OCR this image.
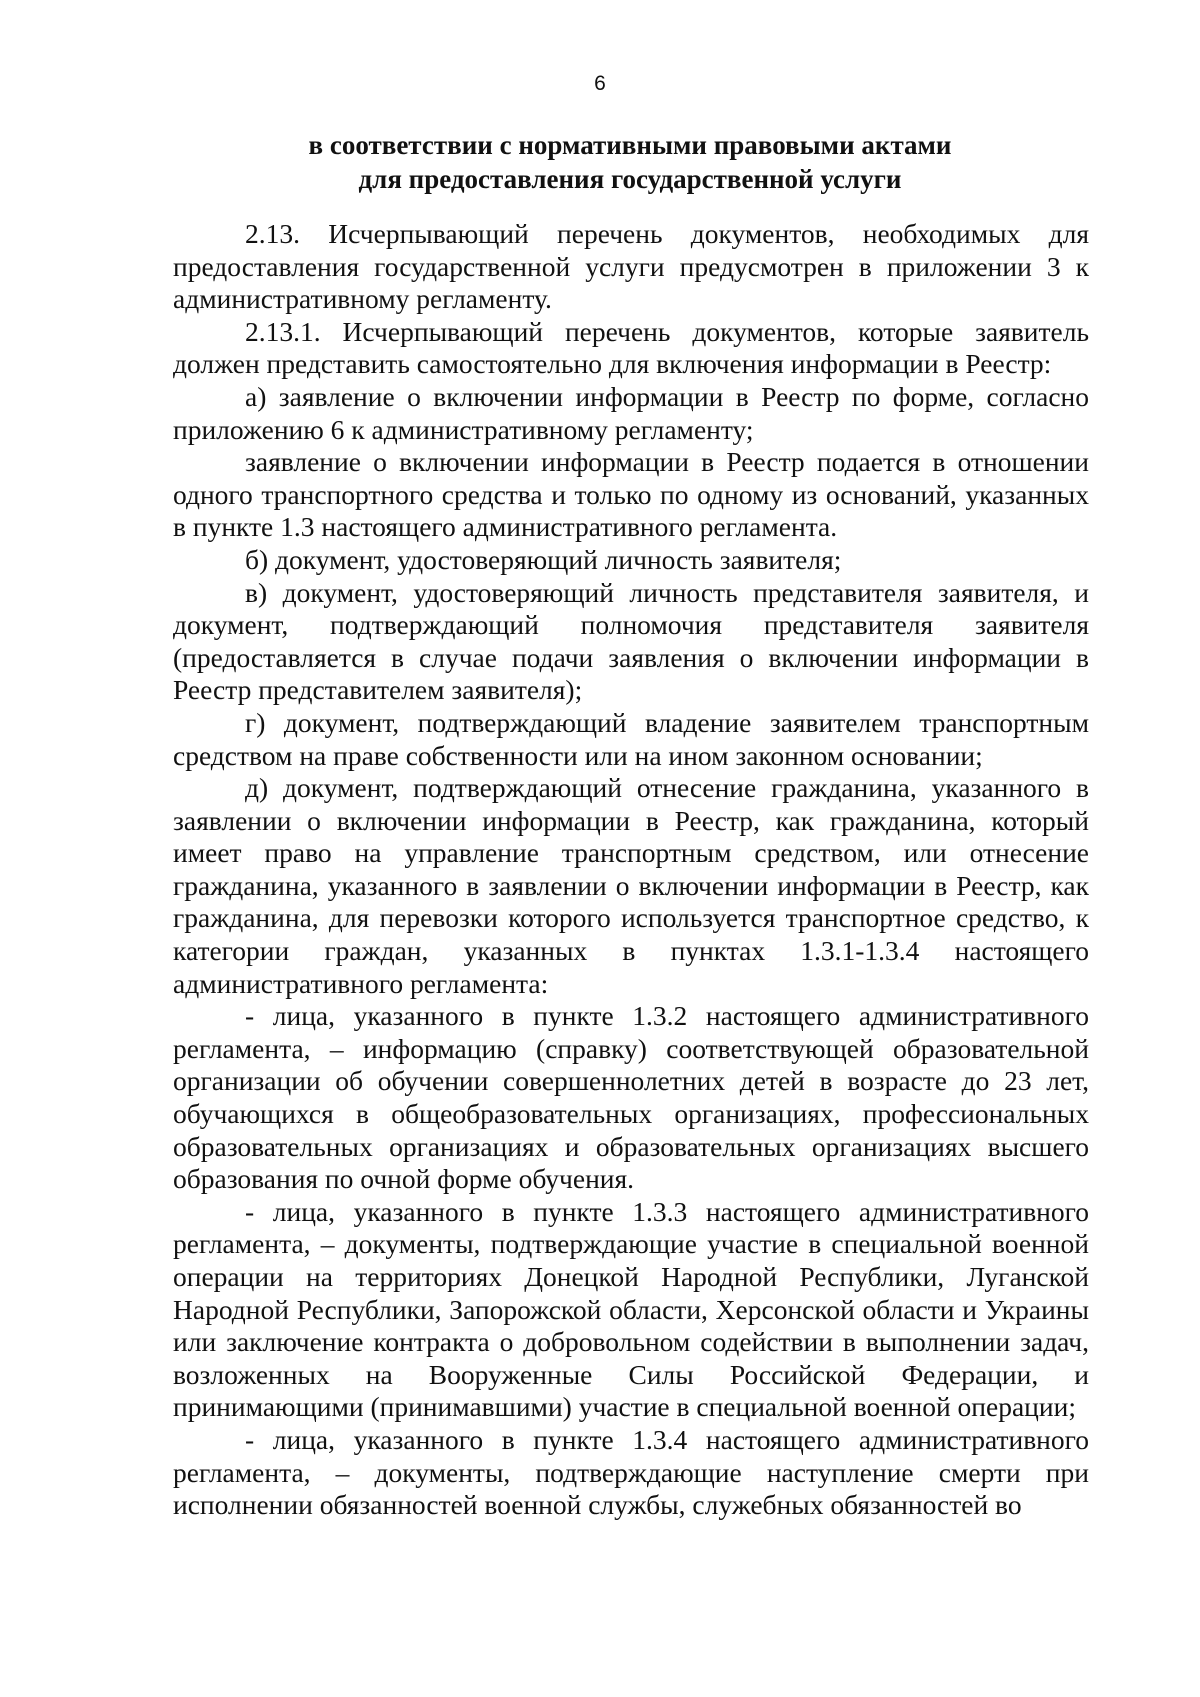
6
в соответствии с нормативными правовыми актами
для предоставления государственной услуги

2.13. Исчерпывающий перечень документов, необходимых для предоставления государственной услуги предусмотрен в приложении 3 к административному регламенту.

2.13.1. Исчерпывающий перечень документов, которые заявитель должен представить самостоятельно для включения информации в Реестр:

а) заявление о включении информации в Реестр по форме, согласно приложению 6 к административному регламенту;

заявление о включении информации в Реестр подается в отношении одного транспортного средства и только по одному из оснований, указанных в пункте 1.3 настоящего административного регламента.

б) документ, удостоверяющий личность заявителя;

в) документ, удостоверяющий личность представителя заявителя, и документ, подтверждающий полномочия представителя заявителя (предоставляется в случае подачи заявления о включении информации в Реестр представителем заявителя);

г) документ, подтверждающий владение заявителем транспортным средством на праве собственности или на ином законном основании;

д) документ, подтверждающий отнесение гражданина, указанного в заявлении о включении информации в Реестр, как гражданина, который имеет право на управление транспортным средством, или отнесение гражданина, указанного в заявлении о включении информации в Реестр, как гражданина, для перевозки которого используется транспортное средство, к категории граждан, указанных в пунктах 1.3.1-1.3.4 настоящего административного регламента:

- лица, указанного в пункте 1.3.2 настоящего административного регламента, – информацию (справку) соответствующей образовательной организации об обучении совершеннолетних детей в возрасте до 23 лет, обучающихся в общеобразовательных организациях, профессиональных образовательных организациях и образовательных организациях высшего образования по очной форме обучения.

- лица, указанного в пункте 1.3.3 настоящего административного регламента, – документы, подтверждающие участие в специальной военной операции на территориях Донецкой Народной Республики, Луганской Народной Республики, Запорожской области, Херсонской области и Украины или заключение контракта о добровольном содействии в выполнении задач, возложенных на Вооруженные Силы Российской Федерации, и принимающими (принимавшими) участие в специальной военной операции;

- лица, указанного в пункте 1.3.4 настоящего административного регламента, – документы, подтверждающие наступление смерти при исполнении обязанностей военной службы, служебных обязанностей во
